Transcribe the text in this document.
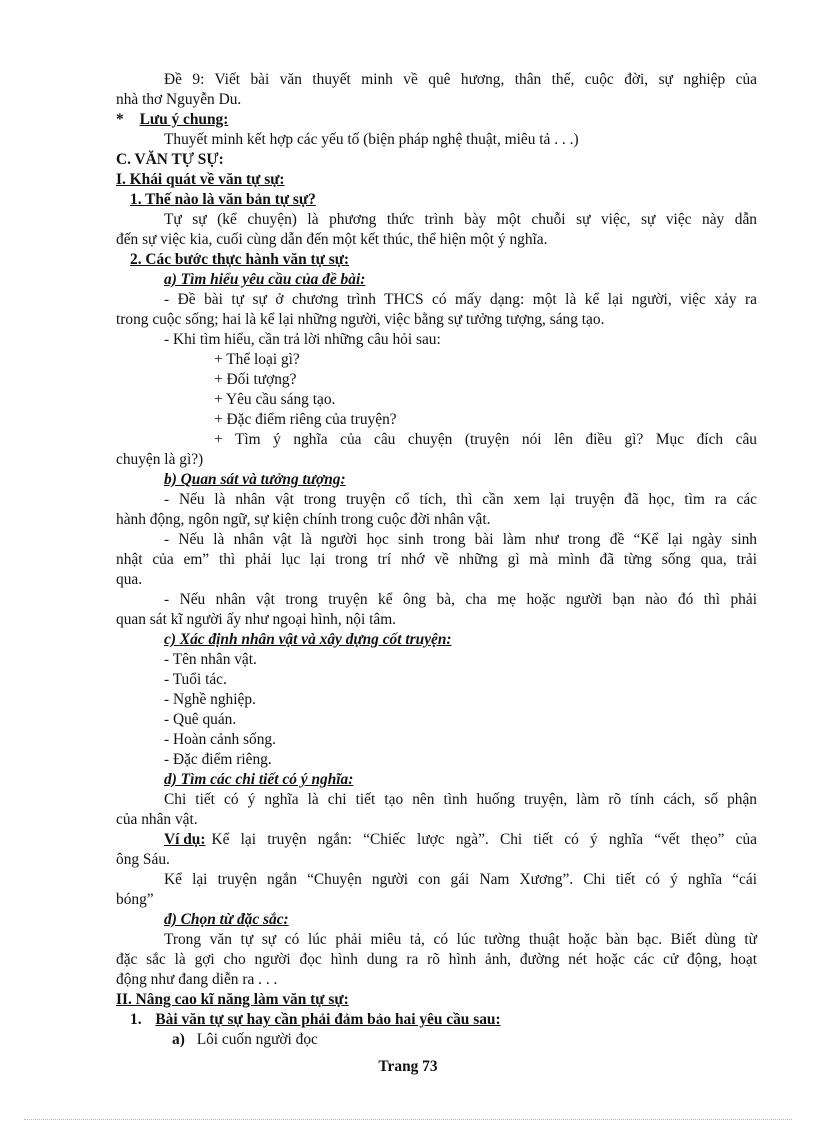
Đề 9: Viết bài văn thuyết minh về quê hương, thân thế, cuộc đời, sự nghiệp của
nhà thơ Nguyễn Du.
* Lưu ý chung:
Thuyết minh kết hợp các yếu tố (biện pháp nghệ thuật, miêu tả . . .)
C. VĂN TỰ SỰ:
I. Khái quát về văn tự sự:
1. Thế nào là văn bản tự sự?
Tự sự (kể chuyện) là phương thức trình bày một chuỗi sự việc, sự việc này dẫn
đến sự việc kia, cuối cùng dẫn đến một kết thúc, thể hiện một ý nghĩa.
2. Các bước thực hành văn tự sự:
a) Tìm hiểu yêu cầu của đề bài:
- Đề bài tự sự ở chương trình THCS có mấy dạng: một là kể lại người, việc xảy ra
trong cuộc sống; hai là kể lại những người, việc bằng sự tưởng tượng, sáng tạo.
- Khi tìm hiểu, cần trả lời những câu hỏi sau:
+ Thể loại gì?
+ Đối tượng?
+ Yêu cầu sáng tạo.
+ Đặc điểm riêng của truyện?
+ Tìm ý nghĩa của câu chuyện (truyện nói lên điều gì? Mục đích câu
chuyện là gì?)
b) Quan sát và tưởng tượng:
- Nếu là nhân vật trong truyện cổ tích, thì cần xem lại truyện đã học, tìm ra các
hành động, ngôn ngữ, sự kiện chính trong cuộc đời nhân vật.
- Nếu là nhân vật là người học sinh trong bài làm như trong đề “Kể lại ngày sinh
nhật của em” thì phải lục lại trong trí nhớ về những gì mà mình đã từng sống qua, trải
qua.
- Nếu nhân vật trong truyện kể ông bà, cha mẹ hoặc người bạn nào đó thì phải
quan sát kĩ người ấy như ngoại hình, nội tâm.
c) Xác định nhân vật và xây dựng cốt truyện:
- Tên nhân vật.
- Tuổi tác.
- Nghề nghiệp.
- Quê quán.
- Hoàn cảnh sống.
- Đặc điểm riêng.
d) Tìm các chi tiết có ý nghĩa:
Chi tiết có ý nghĩa là chi tiết tạo nên tình huống truyện, làm rõ tính cách, số phận
của nhân vật.
Ví dụ: Kể lại truyện ngắn: “Chiếc lược ngà”. Chi tiết có ý nghĩa “vết thẹo” của
ông Sáu.
Kể lại truyện ngắn “Chuyện người con gái Nam Xương”. Chi tiết có ý nghĩa “cái
bóng”
đ) Chọn từ đặc sắc:
Trong văn tự sự có lúc phải miêu tả, có lúc tường thuật hoặc bàn bạc. Biết dùng từ
đặc sắc là gợi cho người đọc hình dung ra rõ hình ảnh, đường nét hoặc các cử động, hoạt
động như đang diễn ra . . .
II. Nâng cao kĩ năng làm văn tự sự:
1. Bài văn tự sự hay cần phải đảm bảo hai yêu cầu sau:
a) Lôi cuốn người đọc
Trang 73
